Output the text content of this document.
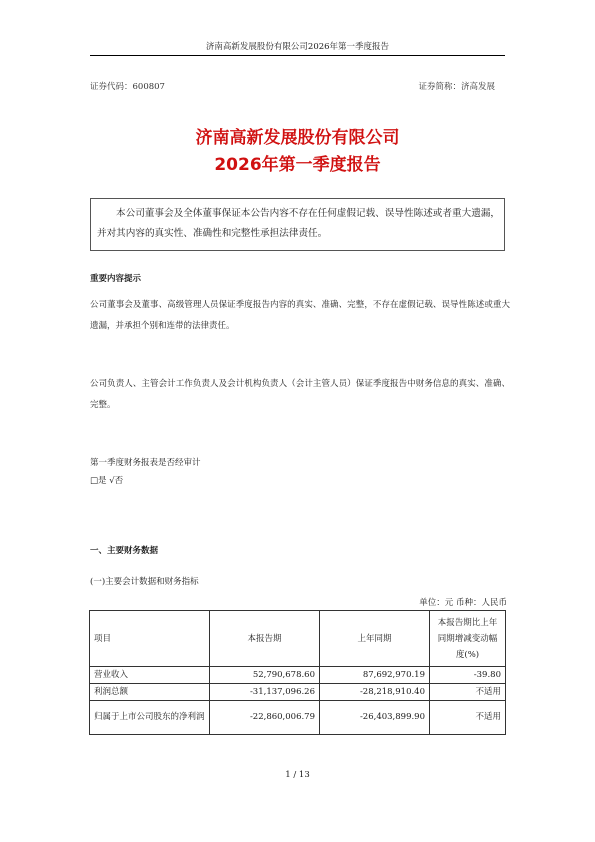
济南高新发展股份有限公司2026年第一季度报告
证券代码：600807	证券简称：济高发展
济南高新发展股份有限公司
2026年第一季度报告
本公司董事会及全体董事保证本公告内容不存在任何虚假记载、误导性陈述或者重大遗漏，并对其内容的真实性、准确性和完整性承担法律责任。
重要内容提示
公司董事会及董事、高级管理人员保证季度报告内容的真实、准确、完整，不存在虚假记载、误导性陈述或重大遗漏，并承担个别和连带的法律责任。
公司负责人、主管会计工作负责人及会计机构负责人（会计主管人员）保证季度报告中财务信息的真实、准确、完整。
第一季度财务报表是否经审计
□是 √否
一、主要财务数据
(一)主要会计数据和财务指标
单位：元 币种：人民币
项目	本报告期	上年同期	本报告期比上年同期增减变动幅度(%)
营业收入	52,790,678.60	87,692,970.19	-39.80
利润总额	-31,137,096.26	-28,218,910.40	不适用
归属于上市公司股东的净利润	-22,860,006.79	-26,403,899.90	不适用
1 / 13
